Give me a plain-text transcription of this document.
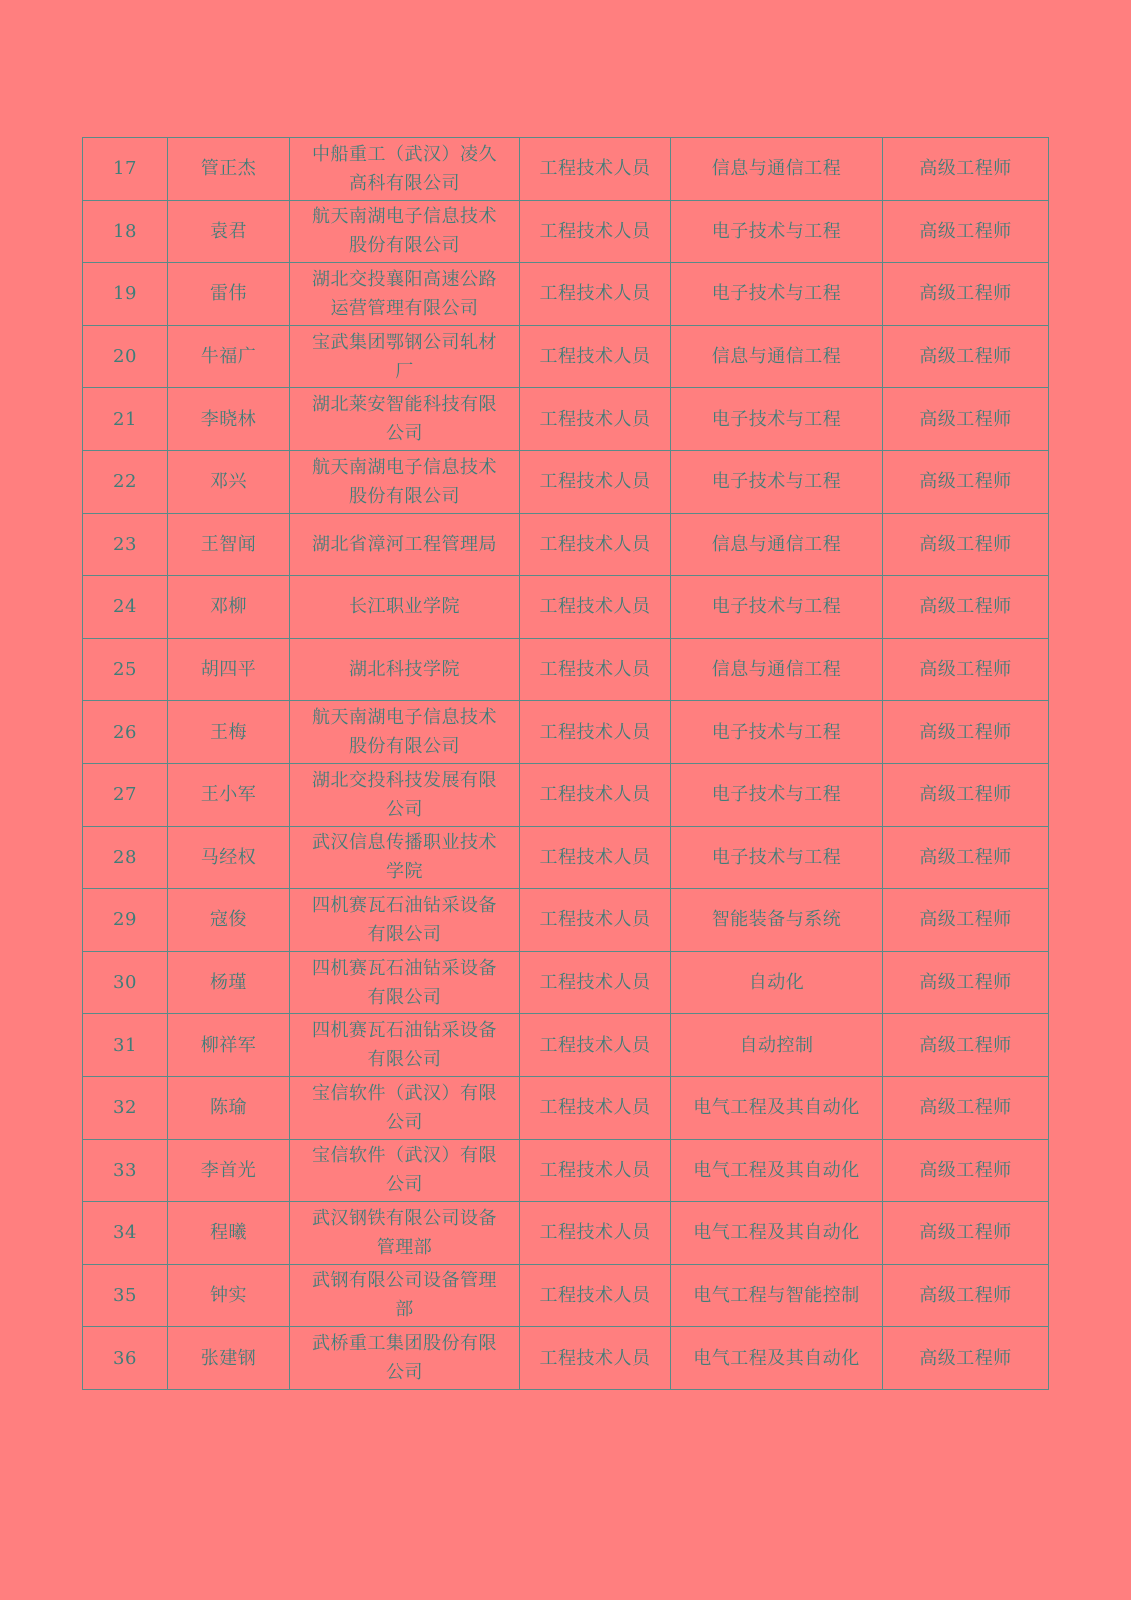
17	管正杰	中船重工（武汉）凌久高科有限公司	工程技术人员	信息与通信工程	高级工程师
18	袁君	航天南湖电子信息技术股份有限公司	工程技术人员	电子技术与工程	高级工程师
19	雷伟	湖北交投襄阳高速公路运营管理有限公司	工程技术人员	电子技术与工程	高级工程师
20	牛福广	宝武集团鄂钢公司轧材厂	工程技术人员	信息与通信工程	高级工程师
21	李晓林	湖北莱安智能科技有限公司	工程技术人员	电子技术与工程	高级工程师
22	邓兴	航天南湖电子信息技术股份有限公司	工程技术人员	电子技术与工程	高级工程师
23	王智闻	湖北省漳河工程管理局	工程技术人员	信息与通信工程	高级工程师
24	邓柳	长江职业学院	工程技术人员	电子技术与工程	高级工程师
25	胡四平	湖北科技学院	工程技术人员	信息与通信工程	高级工程师
26	王梅	航天南湖电子信息技术股份有限公司	工程技术人员	电子技术与工程	高级工程师
27	王小军	湖北交投科技发展有限公司	工程技术人员	电子技术与工程	高级工程师
28	马经权	武汉信息传播职业技术学院	工程技术人员	电子技术与工程	高级工程师
29	寇俊	四机赛瓦石油钻采设备有限公司	工程技术人员	智能装备与系统	高级工程师
30	杨瑾	四机赛瓦石油钻采设备有限公司	工程技术人员	自动化	高级工程师
31	柳祥军	四机赛瓦石油钻采设备有限公司	工程技术人员	自动控制	高级工程师
32	陈瑜	宝信软件（武汉）有限公司	工程技术人员	电气工程及其自动化	高级工程师
33	李首光	宝信软件（武汉）有限公司	工程技术人员	电气工程及其自动化	高级工程师
34	程曦	武汉钢铁有限公司设备管理部	工程技术人员	电气工程及其自动化	高级工程师
35	钟实	武钢有限公司设备管理部	工程技术人员	电气工程与智能控制	高级工程师
36	张建钢	武桥重工集团股份有限公司	工程技术人员	电气工程及其自动化	高级工程师
